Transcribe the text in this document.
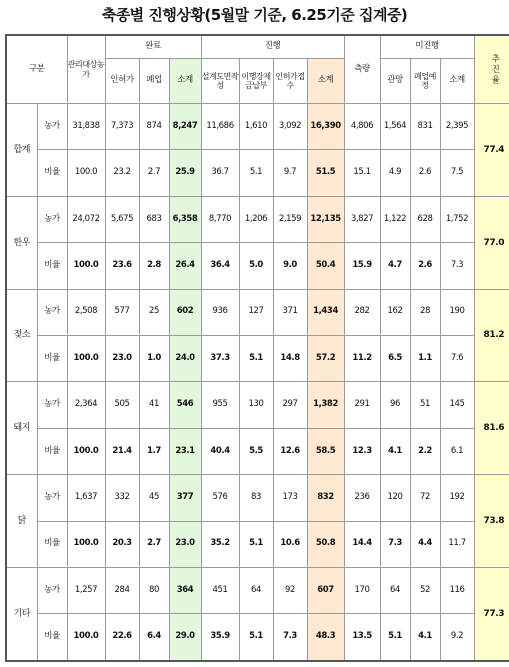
축종별 진행상황(5월말 기준, 6.25기준 집계중)
구분		관리대상농가	완료			진행				측량	미진행			추진율
			인허가	폐업	소계	설계도면작성	이행강제금납부	인허가접수	소계		관망	폐업예정	소계	
합계	농가	31,838	7,373	874	8,247	11,686	1,610	3,092	16,390	4,806	1,564	831	2,395	77.4
	비율	100.0	23.2	2.7	25.9	36.7	5.1	9.7	51.5	15.1	4.9	2.6	7.5	
한우	농가	24,072	5,675	683	6,358	8,770	1,206	2,159	12,135	3,827	1,122	628	1,752	77.0
	비율	100.0	23.6	2.8	26.4	36.4	5.0	9.0	50.4	15.9	4.7	2.6	7.3	
젖소	농가	2,508	577	25	602	936	127	371	1,434	282	162	28	190	81.2
	비율	100.0	23.0	1.0	24.0	37.3	5.1	14.8	57.2	11.2	6.5	1.1	7.6	
돼지	농가	2,364	505	41	546	955	130	297	1,382	291	96	51	145	81.6
	비율	100.0	21.4	1.7	23.1	40.4	5.5	12.6	58.5	12.3	4.1	2.2	6.1	
닭	농가	1,637	332	45	377	576	83	173	832	236	120	72	192	73.8
	비율	100.0	20.3	2.7	23.0	35.2	5.1	10.6	50.8	14.4	7.3	4.4	11.7	
기타	농가	1,257	284	80	364	451	64	92	607	170	64	52	116	77.3
	비율	100.0	22.6	6.4	29.0	35.9	5.1	7.3	48.3	13.5	5.1	4.1	9.2	
